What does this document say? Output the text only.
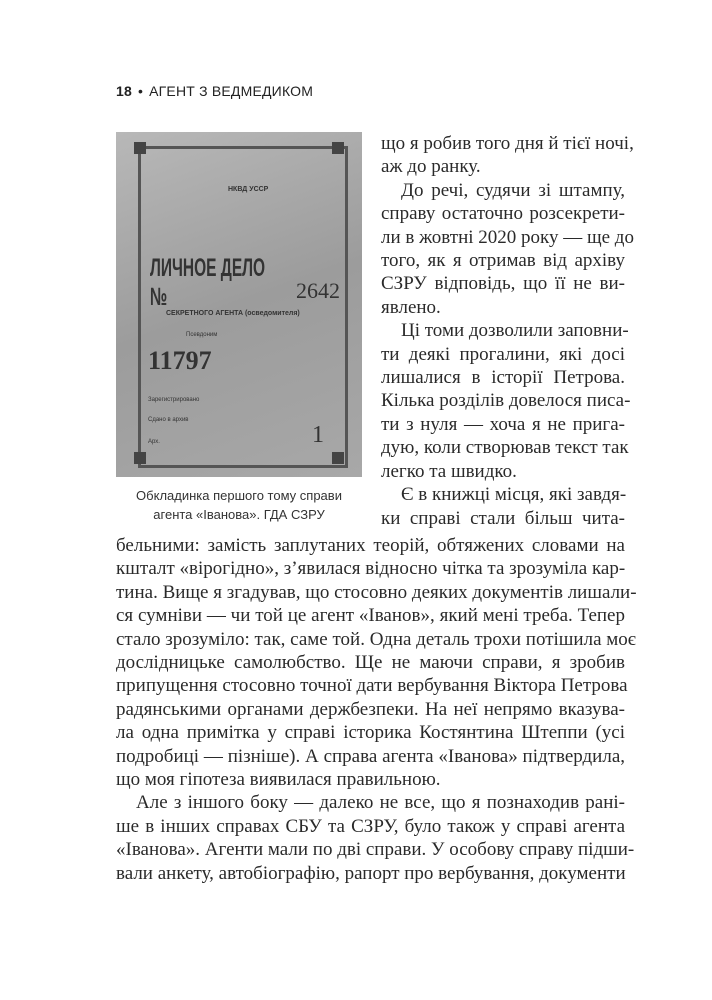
18 • АГЕНТ З ВЕДМЕДИКОМ
НКВД УССР
ЛИЧНОЕ ДЕЛО №	2642
СЕКРЕТНОГО АГЕНТА (осведомителя)
Псевдоним
11797
Зарегистрировано
Сдано в архив
Арх.	1
Обкладинка першого тому справи
агента «Іванова». ГДА СЗРУ
що я робив того дня й тієї ночі,
аж до ранку.
До речі, судячи зі штампу,
справу остаточно розсекрети-
ли в жовтні 2020 року — ще до
того, як я отримав від архіву
СЗРУ відповідь, що її не ви-
явлено.
Ці томи дозволили заповни-
ти деякі прогалини, які досі
лишалися в історії Петрова.
Кілька розділів довелося писа-
ти з нуля — хоча я не прига-
дую, коли створював текст так
легко та швидко.
Є в книжці місця, які завдя-
ки справі стали більш чита-
бельними: замість заплутаних теорій, обтяжених словами на
кшталт «вірогідно», з’явилася відносно чітка та зрозуміла кар-
тина. Вище я згадував, що стосовно деяких документів лишали-
ся сумніви — чи той це агент «Іванов», який мені треба. Тепер
стало зрозуміло: так, саме той. Одна деталь трохи потішила моє
дослідницьке самолюбство. Ще не маючи справи, я зробив
припущення стосовно точної дати вербування Віктора Петрова
радянськими органами держбезпеки. На неї непрямо вказува-
ла одна примітка у справі історика Костянтина Штеппи (усі
подробиці — пізніше). А справа агента «Іванова» підтвердила,
що моя гіпотеза виявилася правильною.
Але з іншого боку — далеко не все, що я познаходив рані-
ше в інших справах СБУ та СЗРУ, було також у справі агента
«Іванова». Агенти мали по дві справи. У особову справу підши-
вали анкету, автобіографію, рапорт про вербування, документи
